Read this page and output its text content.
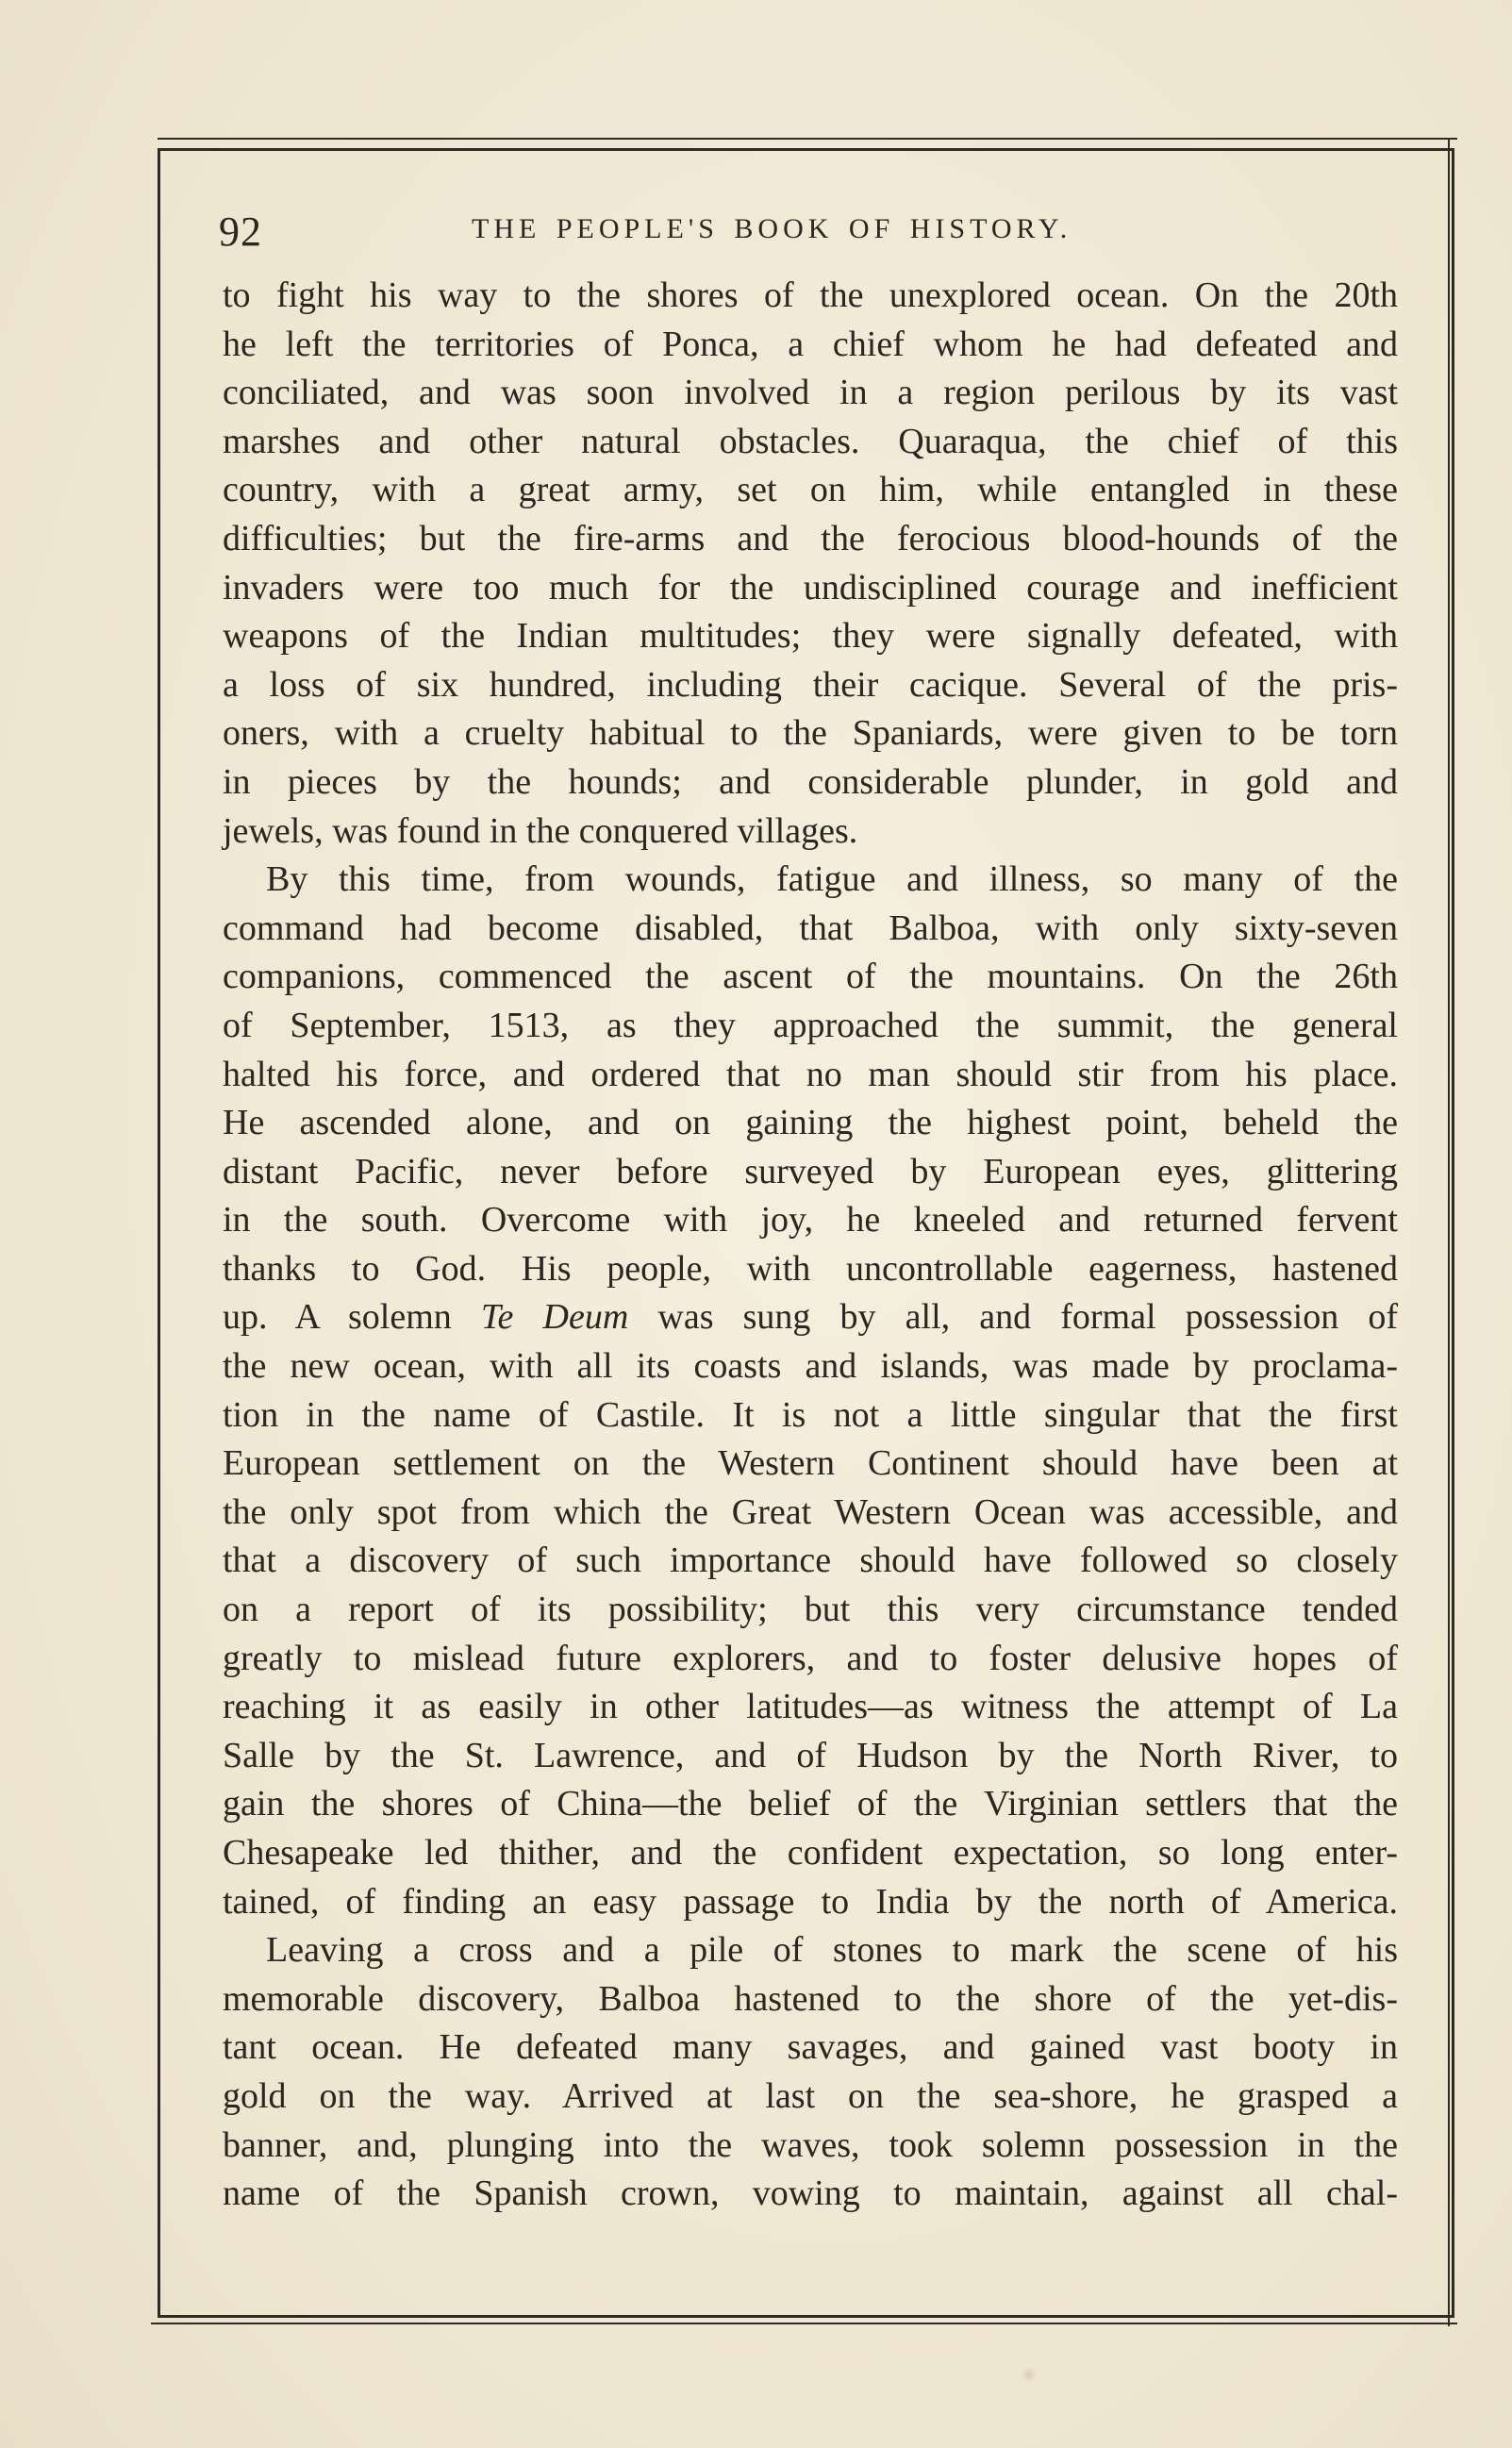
92	THE PEOPLE'S BOOK OF HISTORY.
to fight his way to the shores of the unexplored ocean. On the 20th
he left the territories of Ponca, a chief whom he had defeated and
conciliated, and was soon involved in a region perilous by its vast
marshes and other natural obstacles. Quaraqua, the chief of this
country, with a great army, set on him, while entangled in these
difficulties; but the fire-arms and the ferocious blood-hounds of the
invaders were too much for the undisciplined courage and inefficient
weapons of the Indian multitudes; they were signally defeated, with
a loss of six hundred, including their cacique. Several of the pris-
oners, with a cruelty habitual to the Spaniards, were given to be torn
in pieces by the hounds; and considerable plunder, in gold and
jewels, was found in the conquered villages.
By this time, from wounds, fatigue and illness, so many of the
command had become disabled, that Balboa, with only sixty-seven
companions, commenced the ascent of the mountains. On the 26th
of September, 1513, as they approached the summit, the general
halted his force, and ordered that no man should stir from his place.
He ascended alone, and on gaining the highest point, beheld the
distant Pacific, never before surveyed by European eyes, glittering
in the south. Overcome with joy, he kneeled and returned fervent
thanks to God. His people, with uncontrollable eagerness, hastened
up. A solemn Te Deum was sung by all, and formal possession of
the new ocean, with all its coasts and islands, was made by proclama-
tion in the name of Castile. It is not a little singular that the first
European settlement on the Western Continent should have been at
the only spot from which the Great Western Ocean was accessible, and
that a discovery of such importance should have followed so closely
on a report of its possibility; but this very circumstance tended
greatly to mislead future explorers, and to foster delusive hopes of
reaching it as easily in other latitudes—as witness the attempt of La
Salle by the St. Lawrence, and of Hudson by the North River, to
gain the shores of China—the belief of the Virginian settlers that the
Chesapeake led thither, and the confident expectation, so long enter-
tained, of finding an easy passage to India by the north of America.
Leaving a cross and a pile of stones to mark the scene of his
memorable discovery, Balboa hastened to the shore of the yet-dis-
tant ocean. He defeated many savages, and gained vast booty in
gold on the way. Arrived at last on the sea-shore, he grasped a
banner, and, plunging into the waves, took solemn possession in the
name of the Spanish crown, vowing to maintain, against all chal-
